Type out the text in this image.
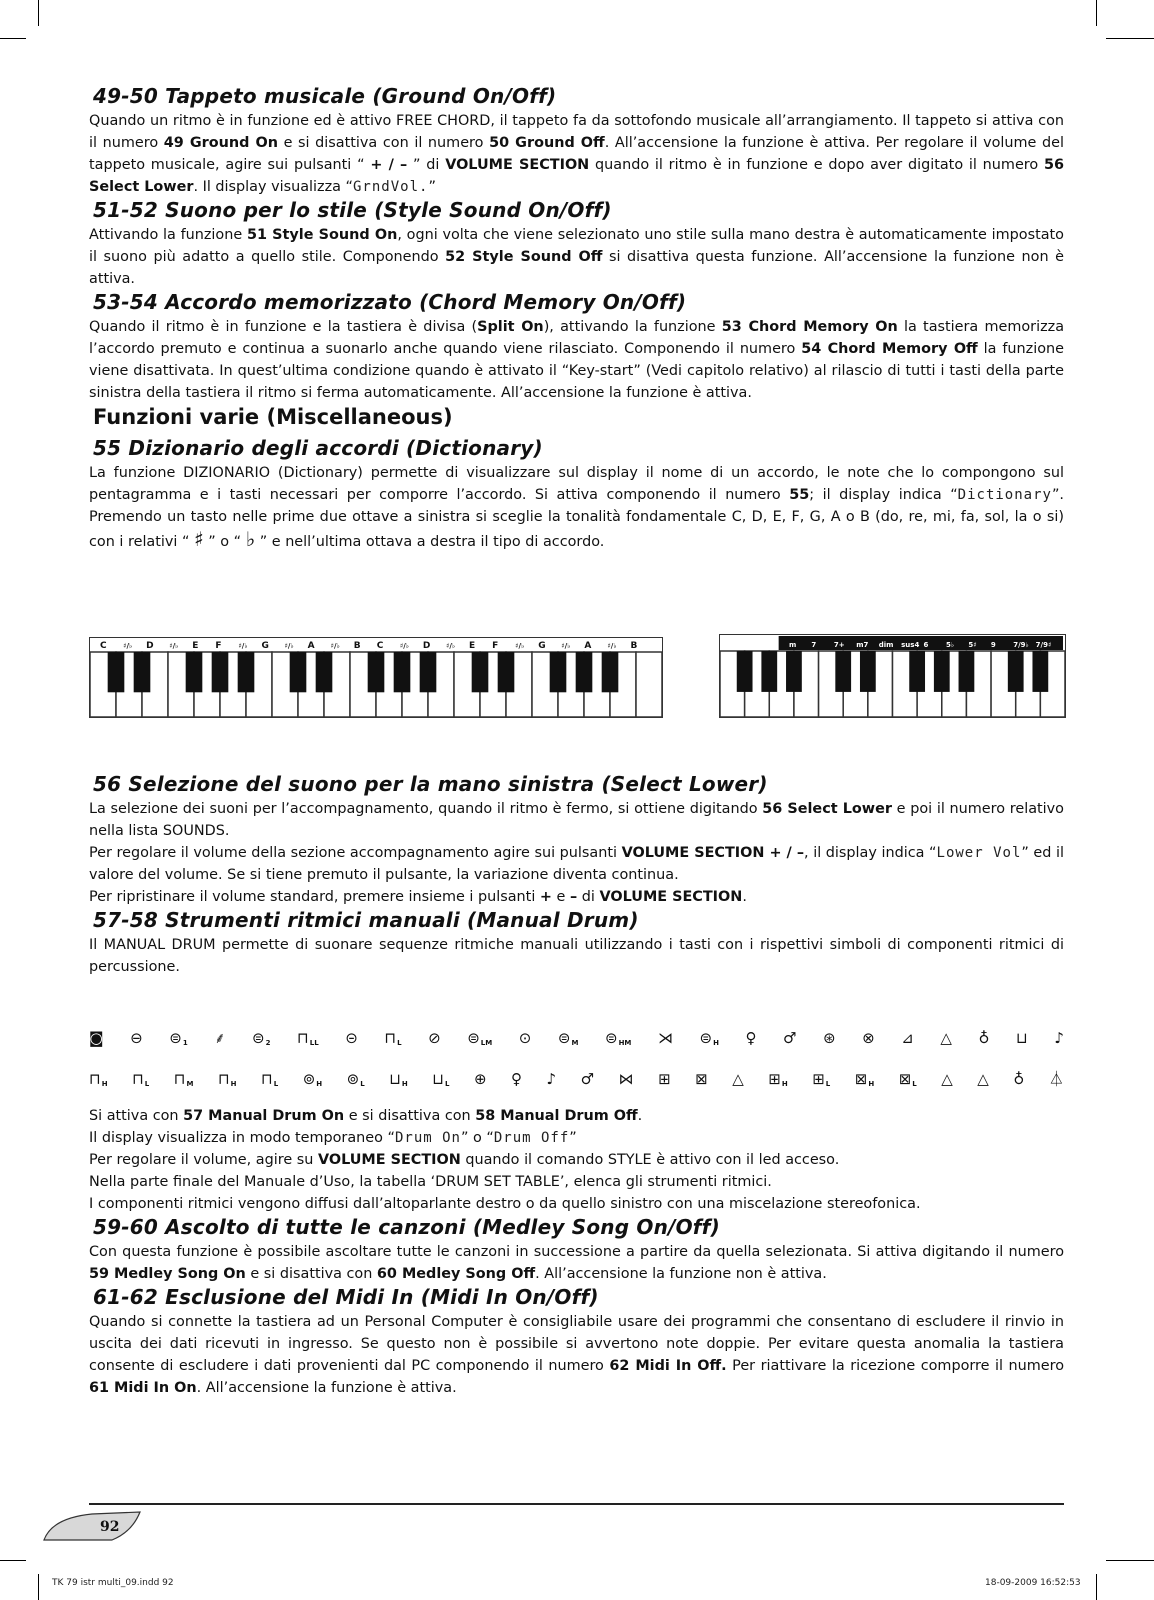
49-50 Tappeto musicale (Ground On/Off)

Quando un ritmo è in funzione ed è attivo FREE CHORD, il tappeto fa da sottofondo musicale all’arrangiamento. Il tappeto si attiva con il numero 49 Ground On e si disattiva con il numero 50 Ground Off. All’accensione la funzione è attiva. Per regolare il volume del tappeto musicale, agire sui pulsanti “ + / – ” di VOLUME SECTION quando il ritmo è in funzione e dopo aver digitato il numero 56 Select Lower. Il display visualizza “GrndVol.”

51-52 Suono per lo stile (Style Sound On/Off)

Attivando la funzione 51 Style Sound On, ogni volta che viene selezionato uno stile sulla mano destra è automaticamente impostato il suono più adatto a quello stile. Componendo 52 Style Sound Off si disattiva questa funzione. All’accensione la funzione non è attiva.

53-54 Accordo memorizzato (Chord Memory On/Off)

Quando il ritmo è in funzione e la tastiera è divisa (Split On), attivando la funzione 53 Chord Memory On la tastiera memorizza l’accordo premuto e continua a suonarlo anche quando viene rilasciato. Componendo il numero 54 Chord Memory Off la funzione viene disattivata. In quest’ultima condizione quando è attivato il “Key-start” (Vedi capitolo relativo) al rilascio di tutti i tasti della parte sinistra della tastiera il ritmo si ferma automaticamente. All’accensione la funzione è attiva.

Funzioni varie (Miscellaneous)
55 Dizionario degli accordi (Dictionary)

La funzione DIZIONARIO (Dictionary) permette di visualizzare sul display il nome di un accordo, le note che lo compongono sul pentagramma e i tasti necessari per comporre l’accordo. Si attiva componendo il numero 55; il display indica “Dictionary”. Premendo un tasto nelle prime due ottave a sinistra si sceglie la tonalità fondamentale C, D, E, F, G, A o B (do, re, mi, fa, sol, la o si) con i relativi “ ♯ ” o “ ♭ ” e nell’ultima ottava a destra il tipo di accordo.

C ♯/♭ D ♯/♭ E F ♯/♭ G ♯/♭ A ♯/♭ B C ♯/♭ D ♯/♭ E F ♯/♭ G ♯/♭ A ♯/♭ B	m 7	7+ m7 dim sus4 6	5♭ 5♯ 9	7/9♭ 7/9♯
56 Selezione del suono per la mano sinistra (Select Lower)

La selezione dei suoni per l’accompagnamento, quando il ritmo è fermo, si ottiene digitando 56 Select Lower e poi il numero relativo nella lista SOUNDS.

Per regolare il volume della sezione accompagnamento agire sui pulsanti VOLUME SECTION + / –, il display indica “Lower Vol” ed il valore del volume. Se si tiene premuto il pulsante, la variazione diventa continua.

Per ripristinare il volume standard, premere insieme i pulsanti + e – di VOLUME SECTION.

57-58 Strumenti ritmici manuali (Manual Drum)

Il MANUAL DRUM permette di suonare sequenze ritmiche manuali utilizzando i tasti con i rispettivi simboli di componenti ritmici di percussione.

◙ ⊖ $⊜_1$ ⸙ $⊜_2$ $⊓_{LL}$ ⊝ $⊓_L$ ⊘ $⊜_{LM}$ ⊙ $⊜_M$ $⊜_{HM}$ ⋊ $⊜_H$ ♀ ♂ ⊛ ⊗ ⊿ △ ♁ ⊔ ♪
$⊓_H$ $⊓_L$ $⊓_M$ $⊓_H$ $⊓_L$ $⊚_H$ $⊚_L$ $⊔_H$ $⊔_L$ ⊕ ♀ ♪ ♂ ⋈ ⊞ ⊠ △ $⊞_H$ $⊞_L$ $⊠_H$ $⊠_L$ △ △ ♁ ⏃

Si attiva con 57 Manual Drum On e si disattiva con 58 Manual Drum Off.

Il display visualizza in modo temporaneo “Drum On” o “Drum Off”

Per regolare il volume, agire su VOLUME SECTION quando il comando STYLE è attivo con il led acceso.

Nella parte finale del Manuale d’Uso, la tabella ‘DRUM SET TABLE’, elenca gli strumenti ritmici.

I componenti ritmici vengono diffusi dall’altoparlante destro o da quello sinistro con una miscelazione stereofonica.

59-60 Ascolto di tutte le canzoni (Medley Song On/Off)

Con questa funzione è possibile ascoltare tutte le canzoni in successione a partire da quella selezionata. Si attiva digitando il numero 59 Medley Song On e si disattiva con 60 Medley Song Off. All’accensione la funzione non è attiva.

61-62 Esclusione del Midi In (Midi In On/Off)

Quando si connette la tastiera ad un Personal Computer è consigliabile usare dei programmi che consentano di escludere il rinvio in uscita dei dati ricevuti in ingresso. Se questo non è possibile si avvertono note doppie. Per evitare questa anomalia la tastiera consente di escludere i dati provenienti dal PC componendo il numero 62 Midi In Off. Per riattivare la ricezione comporre il numero 61 Midi In On. All’accensione la funzione è attiva.

92
TK 79 istr multi_09.indd 92	18-09-2009 16:52:53
